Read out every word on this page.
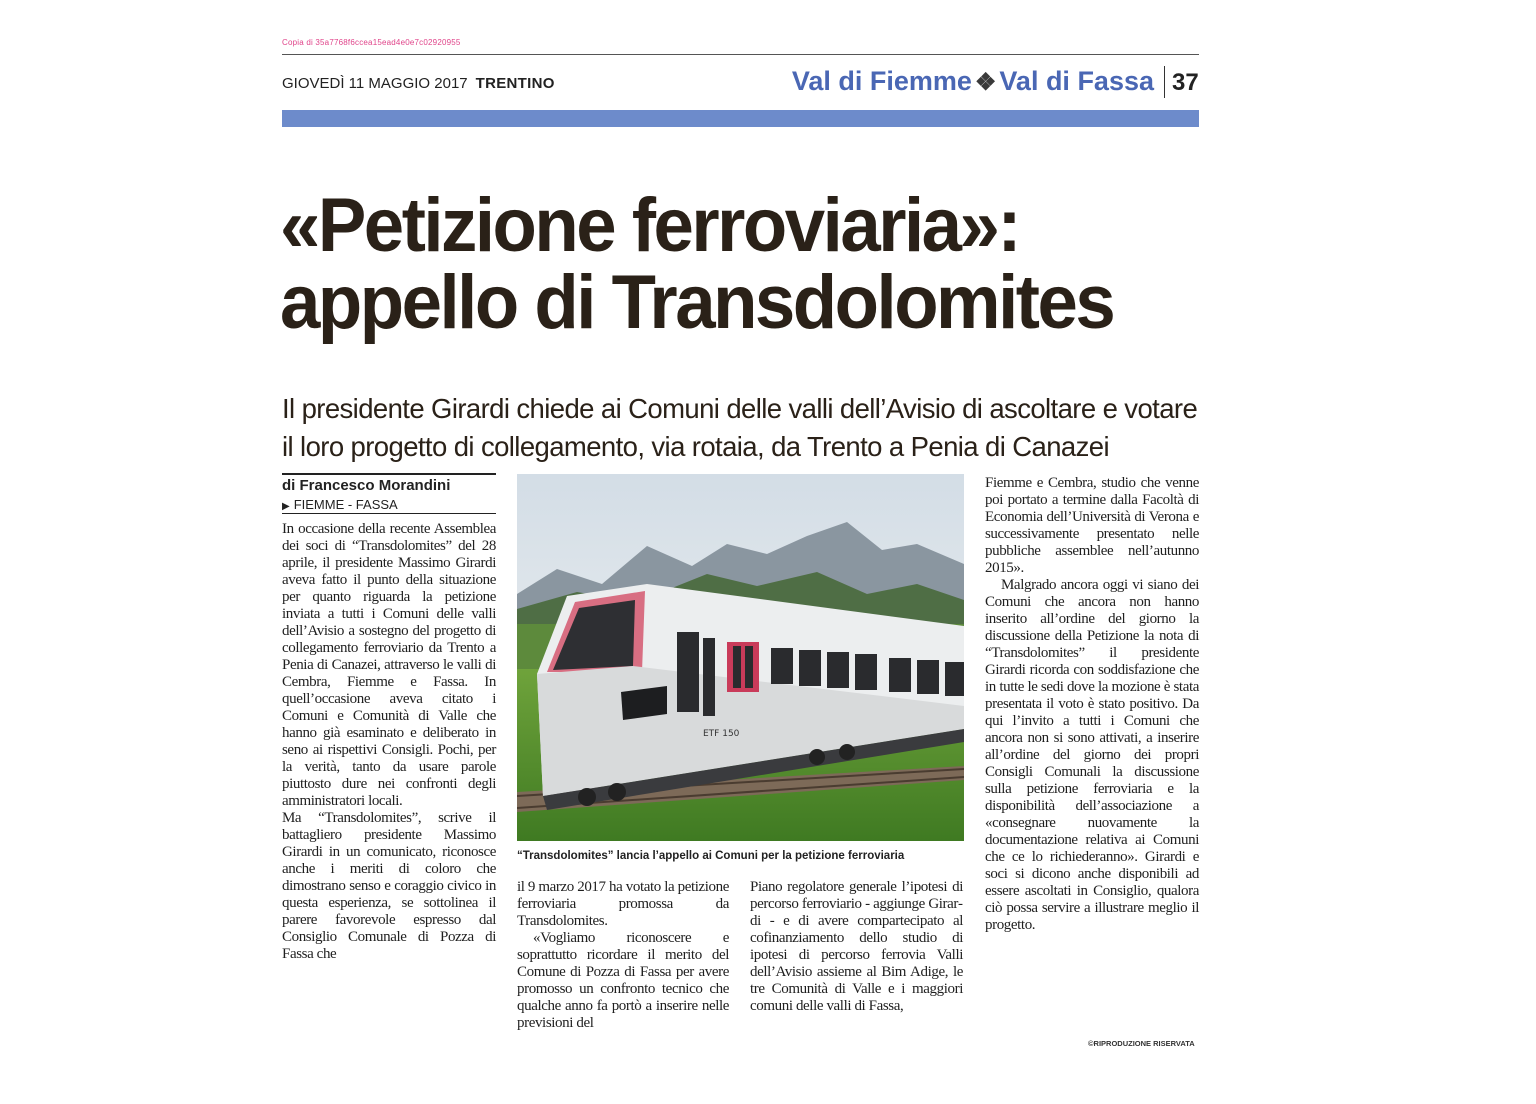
Copia di 35a7768f6ccea15ead4e0e7c02920955
GIOVEDÌ 11 MAGGIO 2017 TRENTINO	Val di Fiemme ❖ Val di Fassa 37
«Petizione ferroviaria»:
appello di Transdolomites
Il presidente Girardi chiede ai Comuni delle valli dell’Avisio di ascoltare e votare
il loro progetto di collegamento, via rotaia, da Trento a Penia di Canazei
di Francesco Morandini
▶ FIEMME - FASSA

In occasione della recente Assemblea dei soci di “Transdolomites” del 28 aprile, il presidente Massimo Girardi aveva fatto il punto della situazione per quanto riguarda la petizione inviata a tutti i Comuni delle valli dell’Avisio a sostegno del progetto di collegamento ferroviario da Trento a Penia di Canazei, attraverso le valli di Cembra, Fiemme e Fassa. In quell’occasione aveva citato i Comuni e Comunità di Valle che hanno già esaminato e deliberato in seno ai rispettivi Consigli. Pochi, per la verità, tanto da usare parole piuttosto dure nei confronti degli amministratori locali.

Ma “Transdolomites”, scrive il battagliero presidente Massimo Girardi in un comunicato, riconosce anche i meriti di coloro che dimostrano senso e coraggio civico in questa esperienza, se sottolinea il parere favorevole espresso dal Consiglio Comunale di Pozza di Fassa che

ETF 150
“Transdolomites” lancia l’appello ai Comuni per la petizione ferroviaria

il 9 marzo 2017 ha votato la petizione ferroviaria promossa da Transdolomites.

«Vogliamo riconoscere e soprattutto ricordare il merito del Comune di Pozza di Fassa per avere promosso un confronto tecnico che qualche anno fa portò a inserire nelle previsioni del

Piano regolatore generale l’ipotesi di percorso ferroviario - aggiunge Girardi - e di avere compartecipato al cofinanziamento dello studio di ipotesi di percorso ferrovia Valli dell’Avisio assieme al Bim Adige, le tre Comunità di Valle e i maggiori comuni delle valli di Fassa,

Fiemme e Cembra, studio che venne poi portato a termine dalla Facoltà di Economia dell’Università di Verona e successivamente presentato nelle pubbliche assemblee nell’autunno 2015».

Malgrado ancora oggi vi siano dei Comuni che ancora non hanno inserito all’ordine del giorno la discussione della Petizione la nota di “Transdolomites” il presidente Girardi ricorda con soddisfazione che in tutte le sedi dove la mozione è stata presentata il voto è stato positivo. Da qui l’invito a tutti i Comuni che ancora non si sono attivati, a inserire all’ordine del giorno dei propri Consigli Comunali la discussione sulla petizione ferroviaria e la disponibilità dell’associazione a «consegnare nuovamente la documentazione relativa ai Comuni che ce lo richiederanno». Girardi e soci si dicono anche disponibili ad essere ascoltati in Consiglio, qualora ciò possa servire a illustrare meglio il progetto.

©RIPRODUZIONE RISERVATA
